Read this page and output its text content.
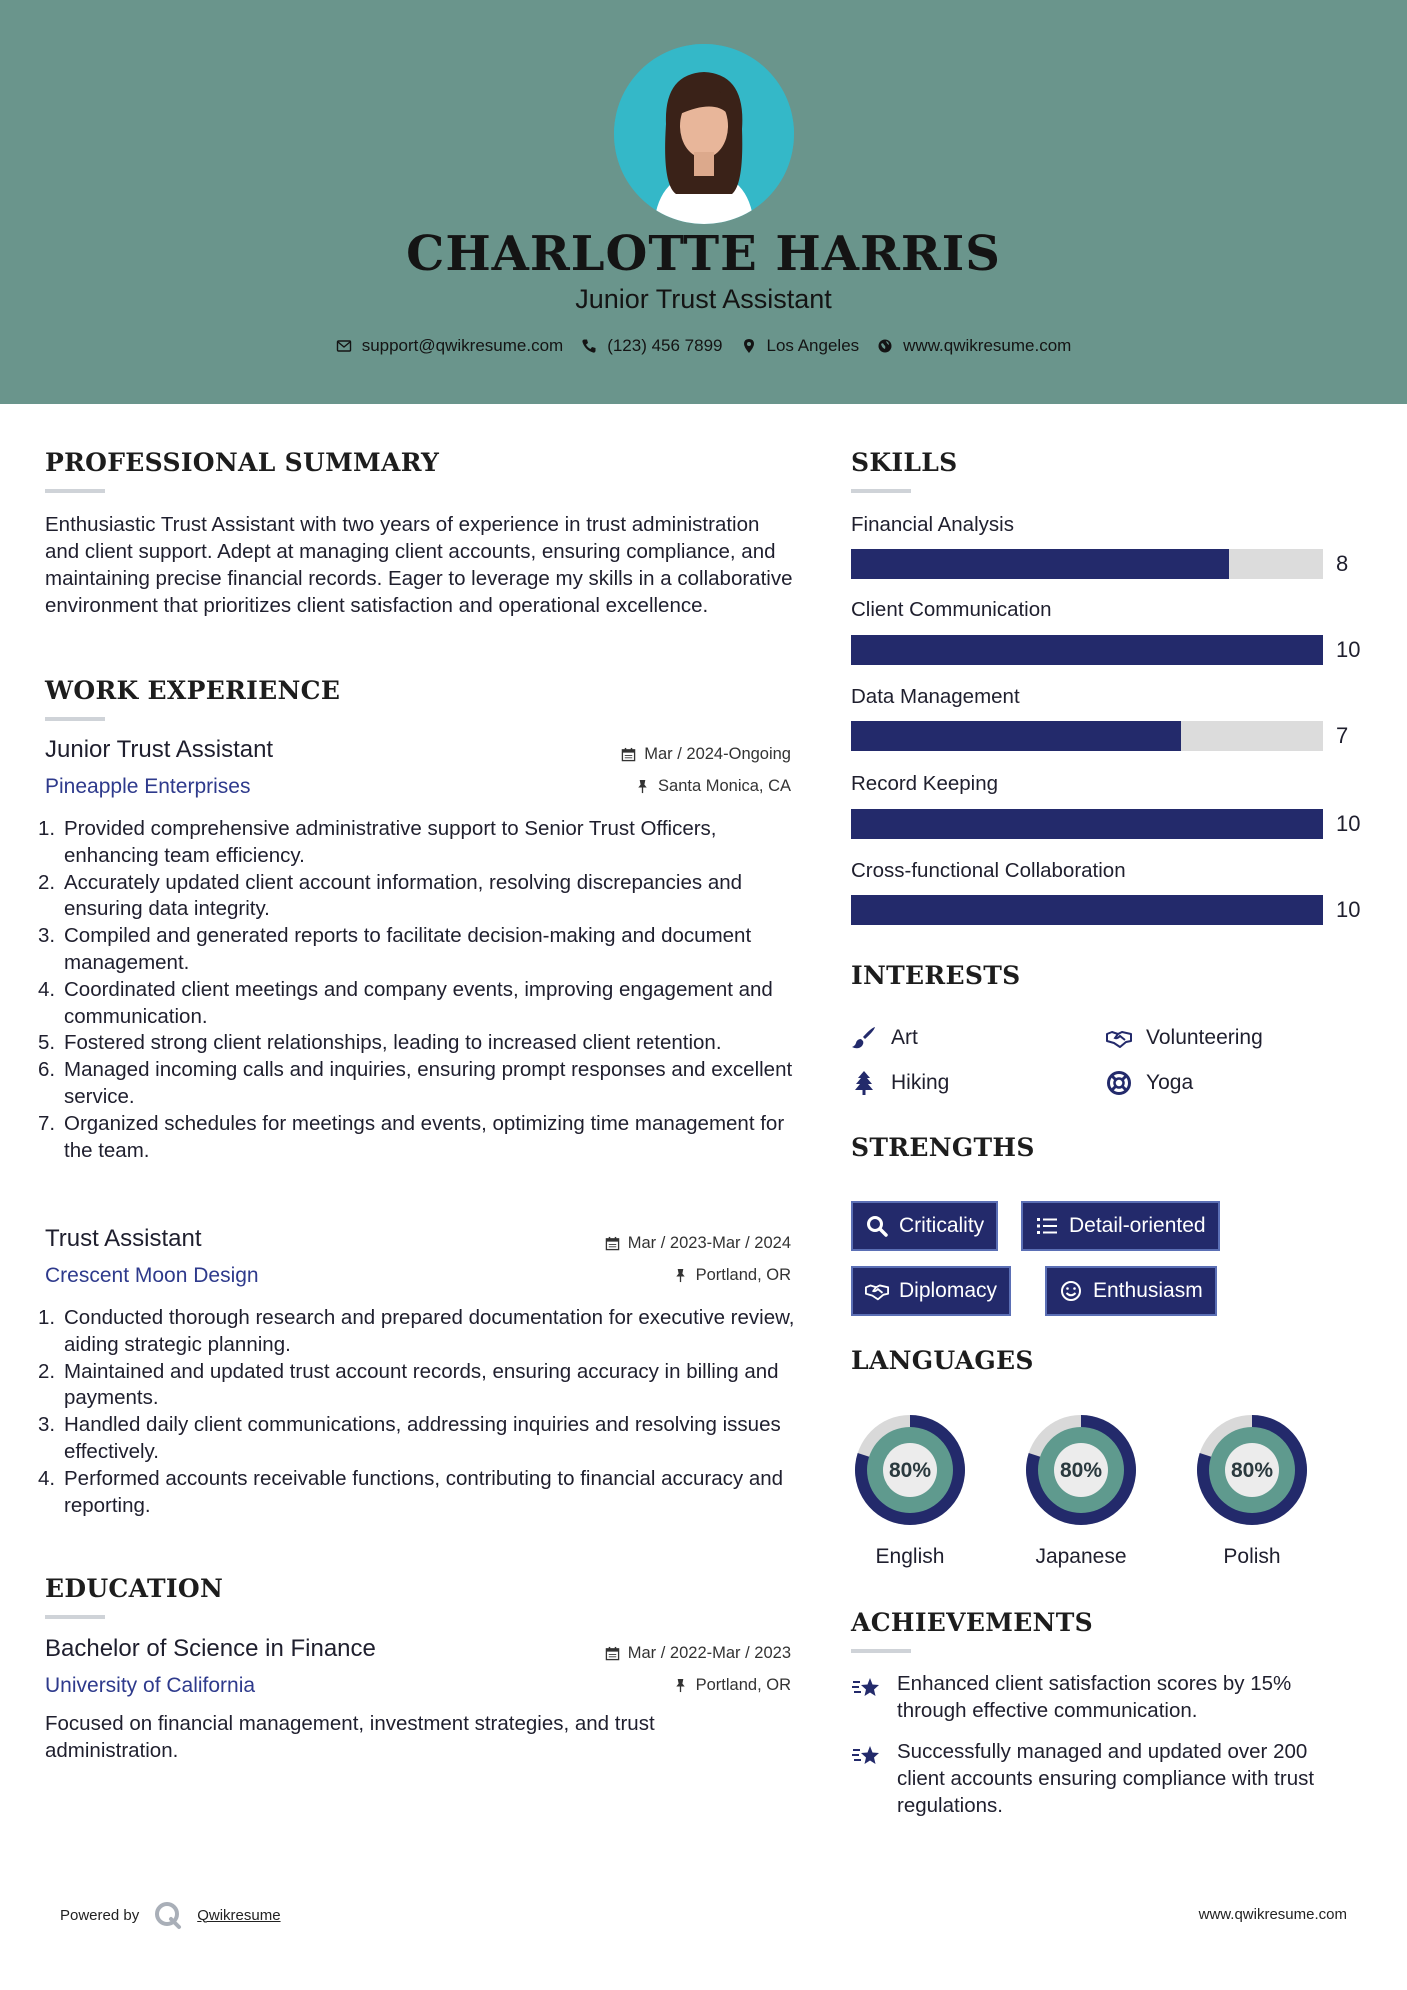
CHARLOTTE HARRIS
Junior Trust Assistant
support@qwikresume.com	(123) 456 7899	Los Angeles	www.qwikresume.com
PROFESSIONAL SUMMARY
Enthusiastic Trust Assistant with two years of experience in trust administration and client support. Adept at managing client accounts, ensuring compliance, and maintaining precise financial records. Eager to leverage my skills in a collaborative environment that prioritizes client satisfaction and operational excellence.
WORK EXPERIENCE
Junior Trust Assistant
Pineapple Enterprises
Mar / 2024-Ongoing
Santa Monica, CA
1. Provided comprehensive administrative support to Senior Trust Officers, enhancing team efficiency.
2. Accurately updated client account information, resolving discrepancies and ensuring data integrity.
3. Compiled and generated reports to facilitate decision-making and document management.
4. Coordinated client meetings and company events, improving engagement and communication.
5. Fostered strong client relationships, leading to increased client retention.
6. Managed incoming calls and inquiries, ensuring prompt responses and excellent service.
7. Organized schedules for meetings and events, optimizing time management for the team.
Trust Assistant
Crescent Moon Design
Mar / 2023-Mar / 2024
Portland, OR
1. Conducted thorough research and prepared documentation for executive review, aiding strategic planning.
2. Maintained and updated trust account records, ensuring accuracy in billing and payments.
3. Handled daily client communications, addressing inquiries and resolving issues effectively.
4. Performed accounts receivable functions, contributing to financial accuracy and reporting.
EDUCATION
Bachelor of Science in Finance
University of California
Mar / 2022-Mar / 2023
Portland, OR
Focused on financial management, investment strategies, and trust administration.
SKILLS
Financial Analysis
8
Client Communication
10
Data Management
7
Record Keeping
10
Cross-functional Collaboration
10
INTERESTS
Art	Volunteering
Hiking	Yoga
STRENGTHS
Criticality	Detail-oriented
Diplomacy	Enthusiasm
LANGUAGES
80%
English
80%
Japanese
80%
Polish
ACHIEVEMENTS
Enhanced client satisfaction scores by 15% through effective communication.
Successfully managed and updated over 200 client accounts ensuring compliance with trust regulations.
Powered by	Qwikresume	www.qwikresume.com
